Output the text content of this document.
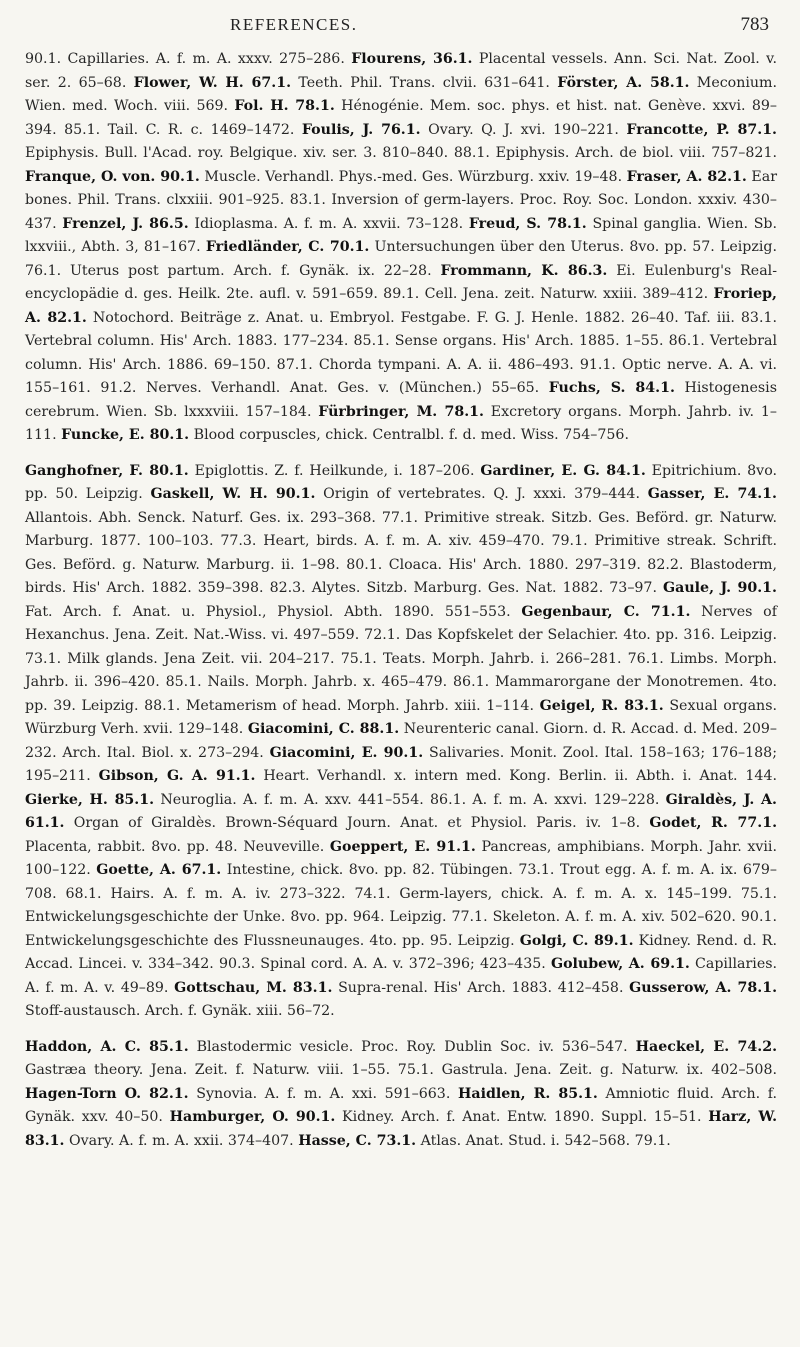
REFERENCES.	783

90.1. Capillaries. A. f. m. A. xxxv. 275–286. Flourens, 36.1. Placental vessels. Ann. Sci. Nat. Zool. v. ser. 2. 65–68. Flower, W. H. 67.1. Teeth. Phil. Trans. clvii. 631–641. Förster, A. 58.1. Meconium. Wien. med. Woch. viii. 569. Fol. H. 78.1. Hénogénie. Mem. soc. phys. et hist. nat. Genève. xxvi. 89–394. 85.1. Tail. C. R. c. 1469–1472. Foulis, J. 76.1. Ovary. Q. J. xvi. 190–221. Francotte, P. 87.1. Epiphysis. Bull. l'Acad. roy. Belgique. xiv. ser. 3. 810–840. 88.1. Epiphysis. Arch. de biol. viii. 757–821. Franque, O. von. 90.1. Muscle. Verhandl. Phys.-med. Ges. Würzburg. xxiv. 19–48. Fraser, A. 82.1. Ear bones. Phil. Trans. clxxiii. 901–925. 83.1. Inversion of germ-layers. Proc. Roy. Soc. London. xxxiv. 430–437. Frenzel, J. 86.5. Idioplasma. A. f. m. A. xxvii. 73–128. Freud, S. 78.1. Spinal ganglia. Wien. Sb. lxxviii., Abth. 3, 81–167. Friedländer, C. 70.1. Untersuchungen über den Uterus. 8vo. pp. 57. Leipzig. 76.1. Uterus post partum. Arch. f. Gynäk. ix. 22–28. Frommann, K. 86.3. Ei. Eulenburg's Real-encyclopädie d. ges. Heilk. 2te. aufl. v. 591–659. 89.1. Cell. Jena. zeit. Naturw. xxiii. 389–412. Froriep, A. 82.1. Notochord. Beiträge z. Anat. u. Embryol. Festgabe. F. G. J. Henle. 1882. 26–40. Taf. iii. 83.1. Vertebral column. His' Arch. 1883. 177–234. 85.1. Sense organs. His' Arch. 1885. 1–55. 86.1. Vertebral column. His' Arch. 1886. 69–150. 87.1. Chorda tympani. A. A. ii. 486–493. 91.1. Optic nerve. A. A. vi. 155–161. 91.2. Nerves. Verhandl. Anat. Ges. v. (München.) 55–65. Fuchs, S. 84.1. Histogenesis cerebrum. Wien. Sb. lxxxviii. 157–184. Fürbringer, M. 78.1. Excretory organs. Morph. Jahrb. iv. 1–111. Funcke, E. 80.1. Blood corpuscles, chick. Centralbl. f. d. med. Wiss. 754–756.

Ganghofner, F. 80.1. Epiglottis. Z. f. Heilkunde, i. 187–206. Gardiner, E. G. 84.1. Epitrichium. 8vo. pp. 50. Leipzig. Gaskell, W. H. 90.1. Origin of vertebrates. Q. J. xxxi. 379–444. Gasser, E. 74.1. Allantois. Abh. Senck. Naturf. Ges. ix. 293–368. 77.1. Primitive streak. Sitzb. Ges. Beförd. gr. Naturw. Marburg. 1877. 100–103. 77.3. Heart, birds. A. f. m. A. xiv. 459–470. 79.1. Primitive streak. Schrift. Ges. Beförd. g. Naturw. Marburg. ii. 1–98. 80.1. Cloaca. His' Arch. 1880. 297–319. 82.2. Blastoderm, birds. His' Arch. 1882. 359–398. 82.3. Alytes. Sitzb. Marburg. Ges. Nat. 1882. 73–97. Gaule, J. 90.1. Fat. Arch. f. Anat. u. Physiol., Physiol. Abth. 1890. 551–553. Gegenbaur, C. 71.1. Nerves of Hexanchus. Jena. Zeit. Nat.-Wiss. vi. 497–559. 72.1. Das Kopfskelet der Selachier. 4to. pp. 316. Leipzig. 73.1. Milk glands. Jena Zeit. vii. 204–217. 75.1. Teats. Morph. Jahrb. i. 266–281. 76.1. Limbs. Morph. Jahrb. ii. 396–420. 85.1. Nails. Morph. Jahrb. x. 465–479. 86.1. Mammarorgane der Monotremen. 4to. pp. 39. Leipzig. 88.1. Metamerism of head. Morph. Jahrb. xiii. 1–114. Geigel, R. 83.1. Sexual organs. Würzburg Verh. xvii. 129–148. Giacomini, C. 88.1. Neurenteric canal. Giorn. d. R. Accad. d. Med. 209–232. Arch. Ital. Biol. x. 273–294. Giacomini, E. 90.1. Salivaries. Monit. Zool. Ital. 158–163; 176–188; 195–211. Gibson, G. A. 91.1. Heart. Verhandl. x. intern med. Kong. Berlin. ii. Abth. i. Anat. 144. Gierke, H. 85.1. Neuroglia. A. f. m. A. xxv. 441–554. 86.1. A. f. m. A. xxvi. 129–228. Giraldès, J. A. 61.1. Organ of Giraldès. Brown-Séquard Journ. Anat. et Physiol. Paris. iv. 1–8. Godet, R. 77.1. Placenta, rabbit. 8vo. pp. 48. Neuveville. Goeppert, E. 91.1. Pancreas, amphibians. Morph. Jahr. xvii. 100–122. Goette, A. 67.1. Intestine, chick. 8vo. pp. 82. Tübingen. 73.1. Trout egg. A. f. m. A. ix. 679–708. 68.1. Hairs. A. f. m. A. iv. 273–322. 74.1. Germ-layers, chick. A. f. m. A. x. 145–199. 75.1. Entwickelungsgeschichte der Unke. 8vo. pp. 964. Leipzig. 77.1. Skeleton. A. f. m. A. xiv. 502–620. 90.1. Entwickelungsgeschichte des Flussneunauges. 4to. pp. 95. Leipzig. Golgi, C. 89.1. Kidney. Rend. d. R. Accad. Lincei. v. 334–342. 90.3. Spinal cord. A. A. v. 372–396; 423–435. Golubew, A. 69.1. Capillaries. A. f. m. A. v. 49–89. Gottschau, M. 83.1. Supra-renal. His' Arch. 1883. 412–458. Gusserow, A. 78.1. Stoff-austausch. Arch. f. Gynäk. xiii. 56–72.

Haddon, A. C. 85.1. Blastodermic vesicle. Proc. Roy. Dublin Soc. iv. 536–547. Haeckel, E. 74.2. Gastræa theory. Jena. Zeit. f. Naturw. viii. 1–55. 75.1. Gastrula. Jena. Zeit. g. Naturw. ix. 402–508. Hagen-Torn O. 82.1. Synovia. A. f. m. A. xxi. 591–663. Haidlen, R. 85.1. Amniotic fluid. Arch. f. Gynäk. xxv. 40–50. Hamburger, O. 90.1. Kidney. Arch. f. Anat. Entw. 1890. Suppl. 15–51. Harz, W. 83.1. Ovary. A. f. m. A. xxii. 374–407. Hasse, C. 73.1. Atlas. Anat. Stud. i. 542–568. 79.1.
